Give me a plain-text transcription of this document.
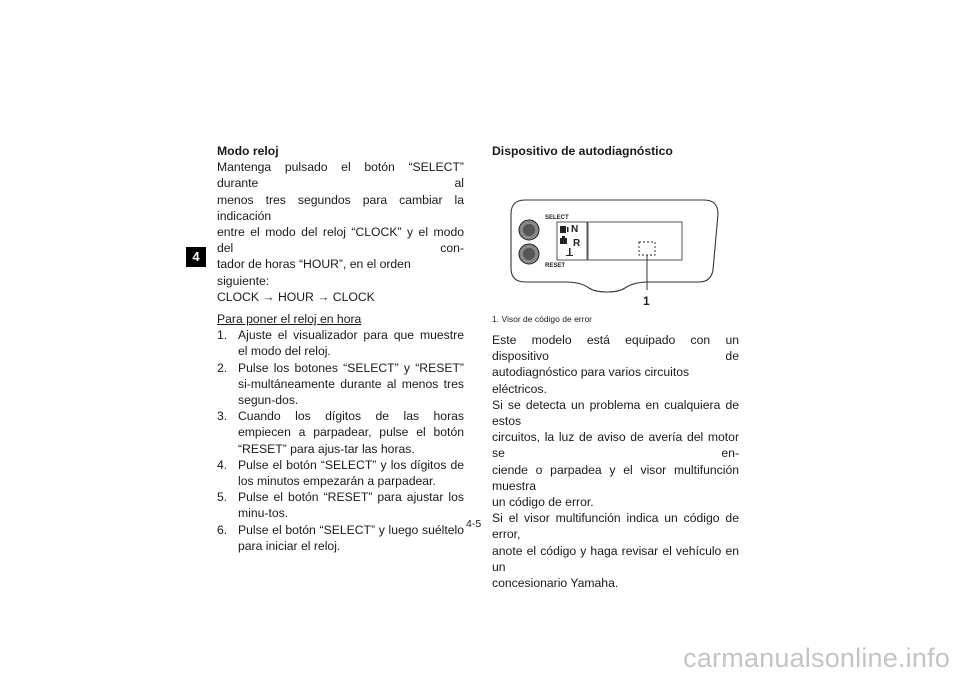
4

Modo reloj

Mantenga pulsado el botón “SELECT” durante al

menos tres segundos para cambiar la indicación

entre el modo del reloj “CLOCK” y el modo del con-

tador de horas “HOUR”, en el orden siguiente:

CLOCK → HOUR → CLOCK

Para poner el reloj en hora

1. Ajuste el visualizador para que muestre el modo del reloj.
2. Pulse los botones “SELECT” y “RESET” si-multáneamente durante al menos tres segun-dos.
3. Cuando los dígitos de las horas empiecen a parpadear, pulse el botón “RESET” para ajus-tar las horas.
4. Pulse el botón “SELECT” y los dígitos de los minutos empezarán a parpadear.
5. Pulse el botón “RESET” para ajustar los minu-tos.
6. Pulse el botón “SELECT” y luego suéltelo para iniciar el reloj.

Dispositivo de autodiagnóstico

SELECT
RESET
N
R
1
1. Visor de código de error

Este modelo está equipado con un dispositivo de

autodiagnóstico para varios circuitos eléctricos.

Si se detecta un problema en cualquiera de estos

circuitos, la luz de aviso de avería del motor se en-

ciende o parpadea y el visor multifunción muestra

un código de error.

Si el visor multifunción indica un código de error,

anote el código y haga revisar el vehículo en un

concesionario Yamaha.

4-5
carmanualsonline.info
